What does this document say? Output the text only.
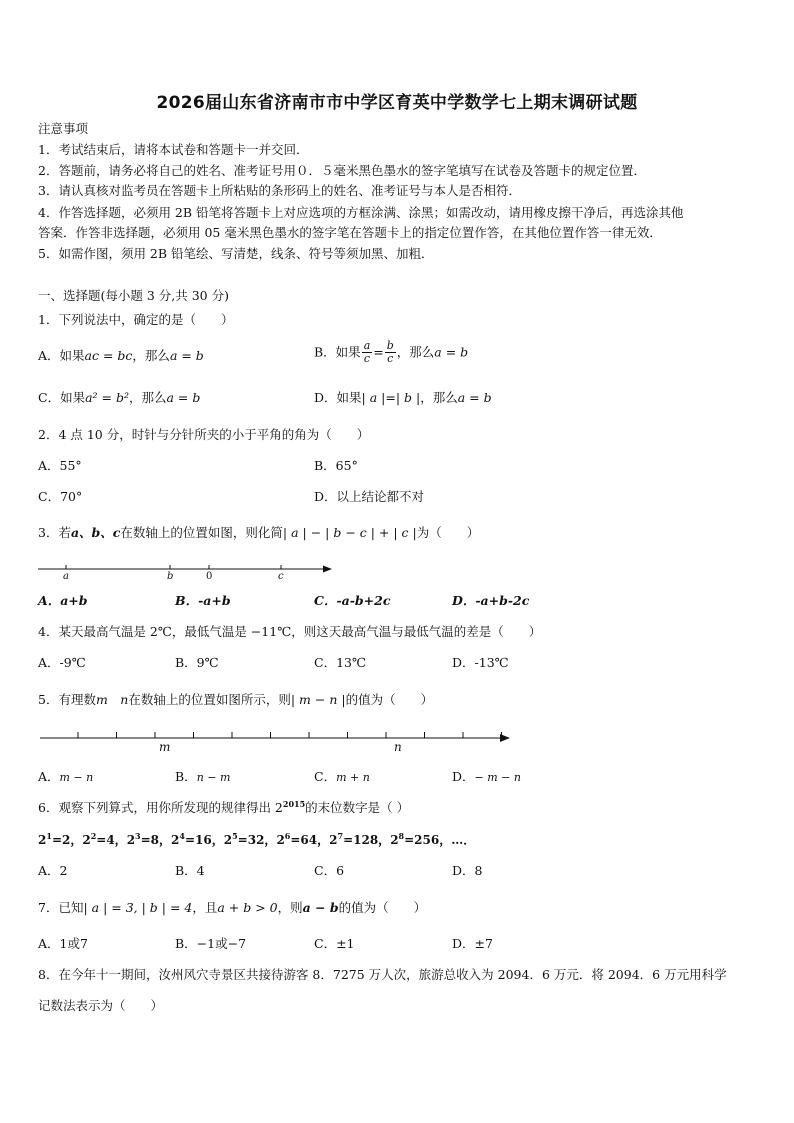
2026届山东省济南市市中学区育英中学数学七上期末调研试题
注意事项
1．考试结束后，请将本试卷和答题卡一并交回．
2．答题前，请务必将自己的姓名、准考证号用０．５毫米黑色墨水的签字笔填写在试卷及答题卡的规定位置．
3．请认真核对监考员在答题卡上所粘贴的条形码上的姓名、准考证号与本人是否相符．
4．作答选择题，必须用 2B 铅笔将答题卡上对应选项的方框涂满、涂黑；如需改动，请用橡皮擦干净后，再选涂其他
答案．作答非选择题，必须用 05 毫米黑色墨水的签字笔在答题卡上的指定位置作答，在其他位置作答一律无效．
5．如需作图，须用 2B 铅笔绘、写清楚，线条、符号等须加黑、加粗．
一、选择题(每小题 3 分,共 30 分)
1．下列说法中，确定的是（　　）
A．如果ac = bc，那么a = b	B．如果 $\frac{a}{c} = \frac{b}{c}$ ，那么a = b
C．如果a² = b²，那么a = b	D．如果| a |=| b |，那么a = b
2．4 点 10 分，时针与分针所夹的小于平角的角为（　　）
A．55°	B．65°
C．70°	D．以上结论都不对
3．若a、b、c在数轴上的位置如图，则化简| a | − | b − c | + | c |为（　　）
a	b	0	c
A．a+b	B．-a+b	C．-a-b+2c	D．-a+b-2c
4．某天最高气温是 2℃，最低气温是 −11℃，则这天最高气温与最低气温的差是（　　）
A．-9℃	B．9℃	C．13℃	D．-13℃
5．有理数m　n在数轴上的位置如图所示，则| m − n |的值为（　　）
m	n
A．m − n	B．n − m	C．m + n	D．− m − n
6．观察下列算式，用你所发现的规律得出 $2^{2015}$的末位数字是（ ）
$2^1=2$，$2^2=4$，$2^3=8$，$2^4=16$，$2^5=32$，$2^6=64$，$2^7=128$，$2^8=256$，…．
A．2	B．4	C．6	D．8
7．已知| a | = 3, | b | = 4，且a + b > 0，则a − b的值为（　　）
A．1或7	B．−1或−7	C．±1	D．±7
8．在今年十一期间，汝州风穴寺景区共接待游客 8．7275 万人次，旅游总收入为 2094．6 万元．将 2094．6 万元用科学
记数法表示为（　　）
